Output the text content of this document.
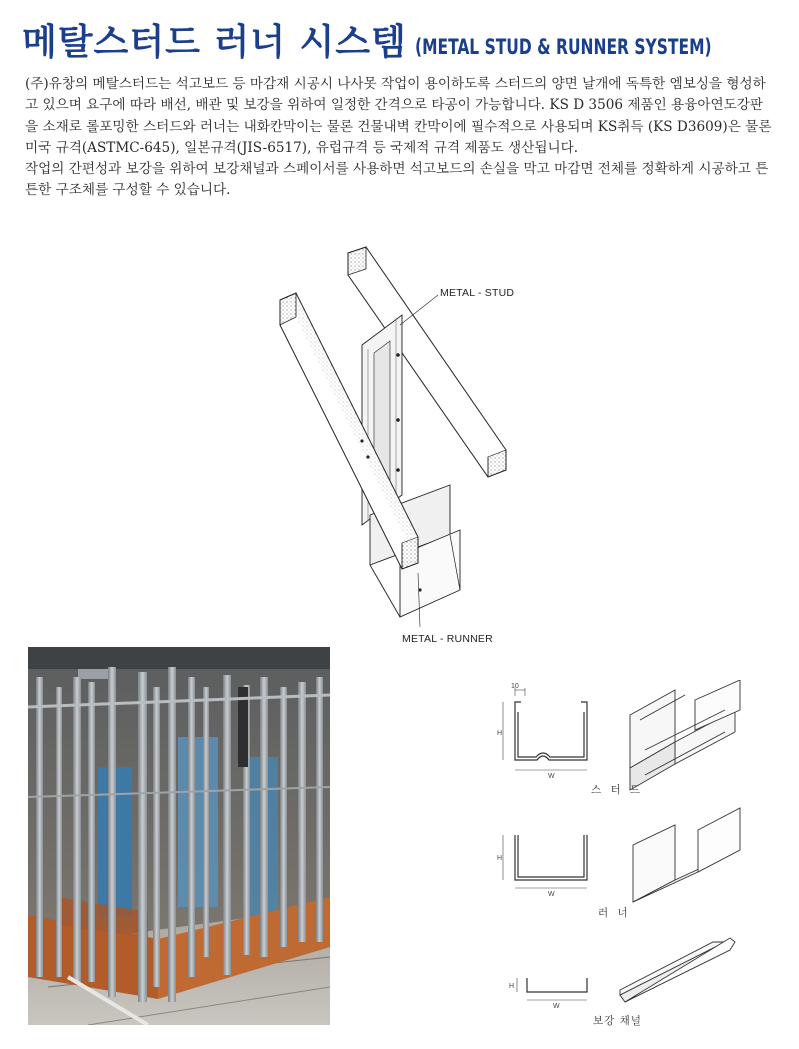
메탈스터드 러너 시스템 (METAL STUD & RUNNER SYSTEM)

(주)유창의 메탈스터드는 석고보드 등 마감재 시공시 나사못 작업이 용이하도록 스터드의 양면 날개에 독특한 엠보싱을 형성하고 있으며 요구에 따라 배선, 배관 및 보강을 위하여 일정한 간격으로 타공이 가능합니다. KS D 3506 제품인 용융아연도강판을 소재로 롤포밍한 스터드와 러너는 내화칸막이는 물론 건물내벽 칸막이에 필수적으로 사용되며 KS취득 (KS D3609)은 물론 미국 규격(ASTMC-645), 일본규격(JIS-6517), 유럽규격 등 국제적 규격 제품도 생산됩니다.

작업의 간편성과 보강을 위하여 보강채널과 스페이서를 사용하면 석고보드의 손실을 막고 마감면 전체를 정확하게 시공하고 튼튼한 구조체를 구성할 수 있습니다.

METAL - STUD
METAL - RUNNER
10
H
W
H
W
H
W
스 터 드
러 너
보강 채널
